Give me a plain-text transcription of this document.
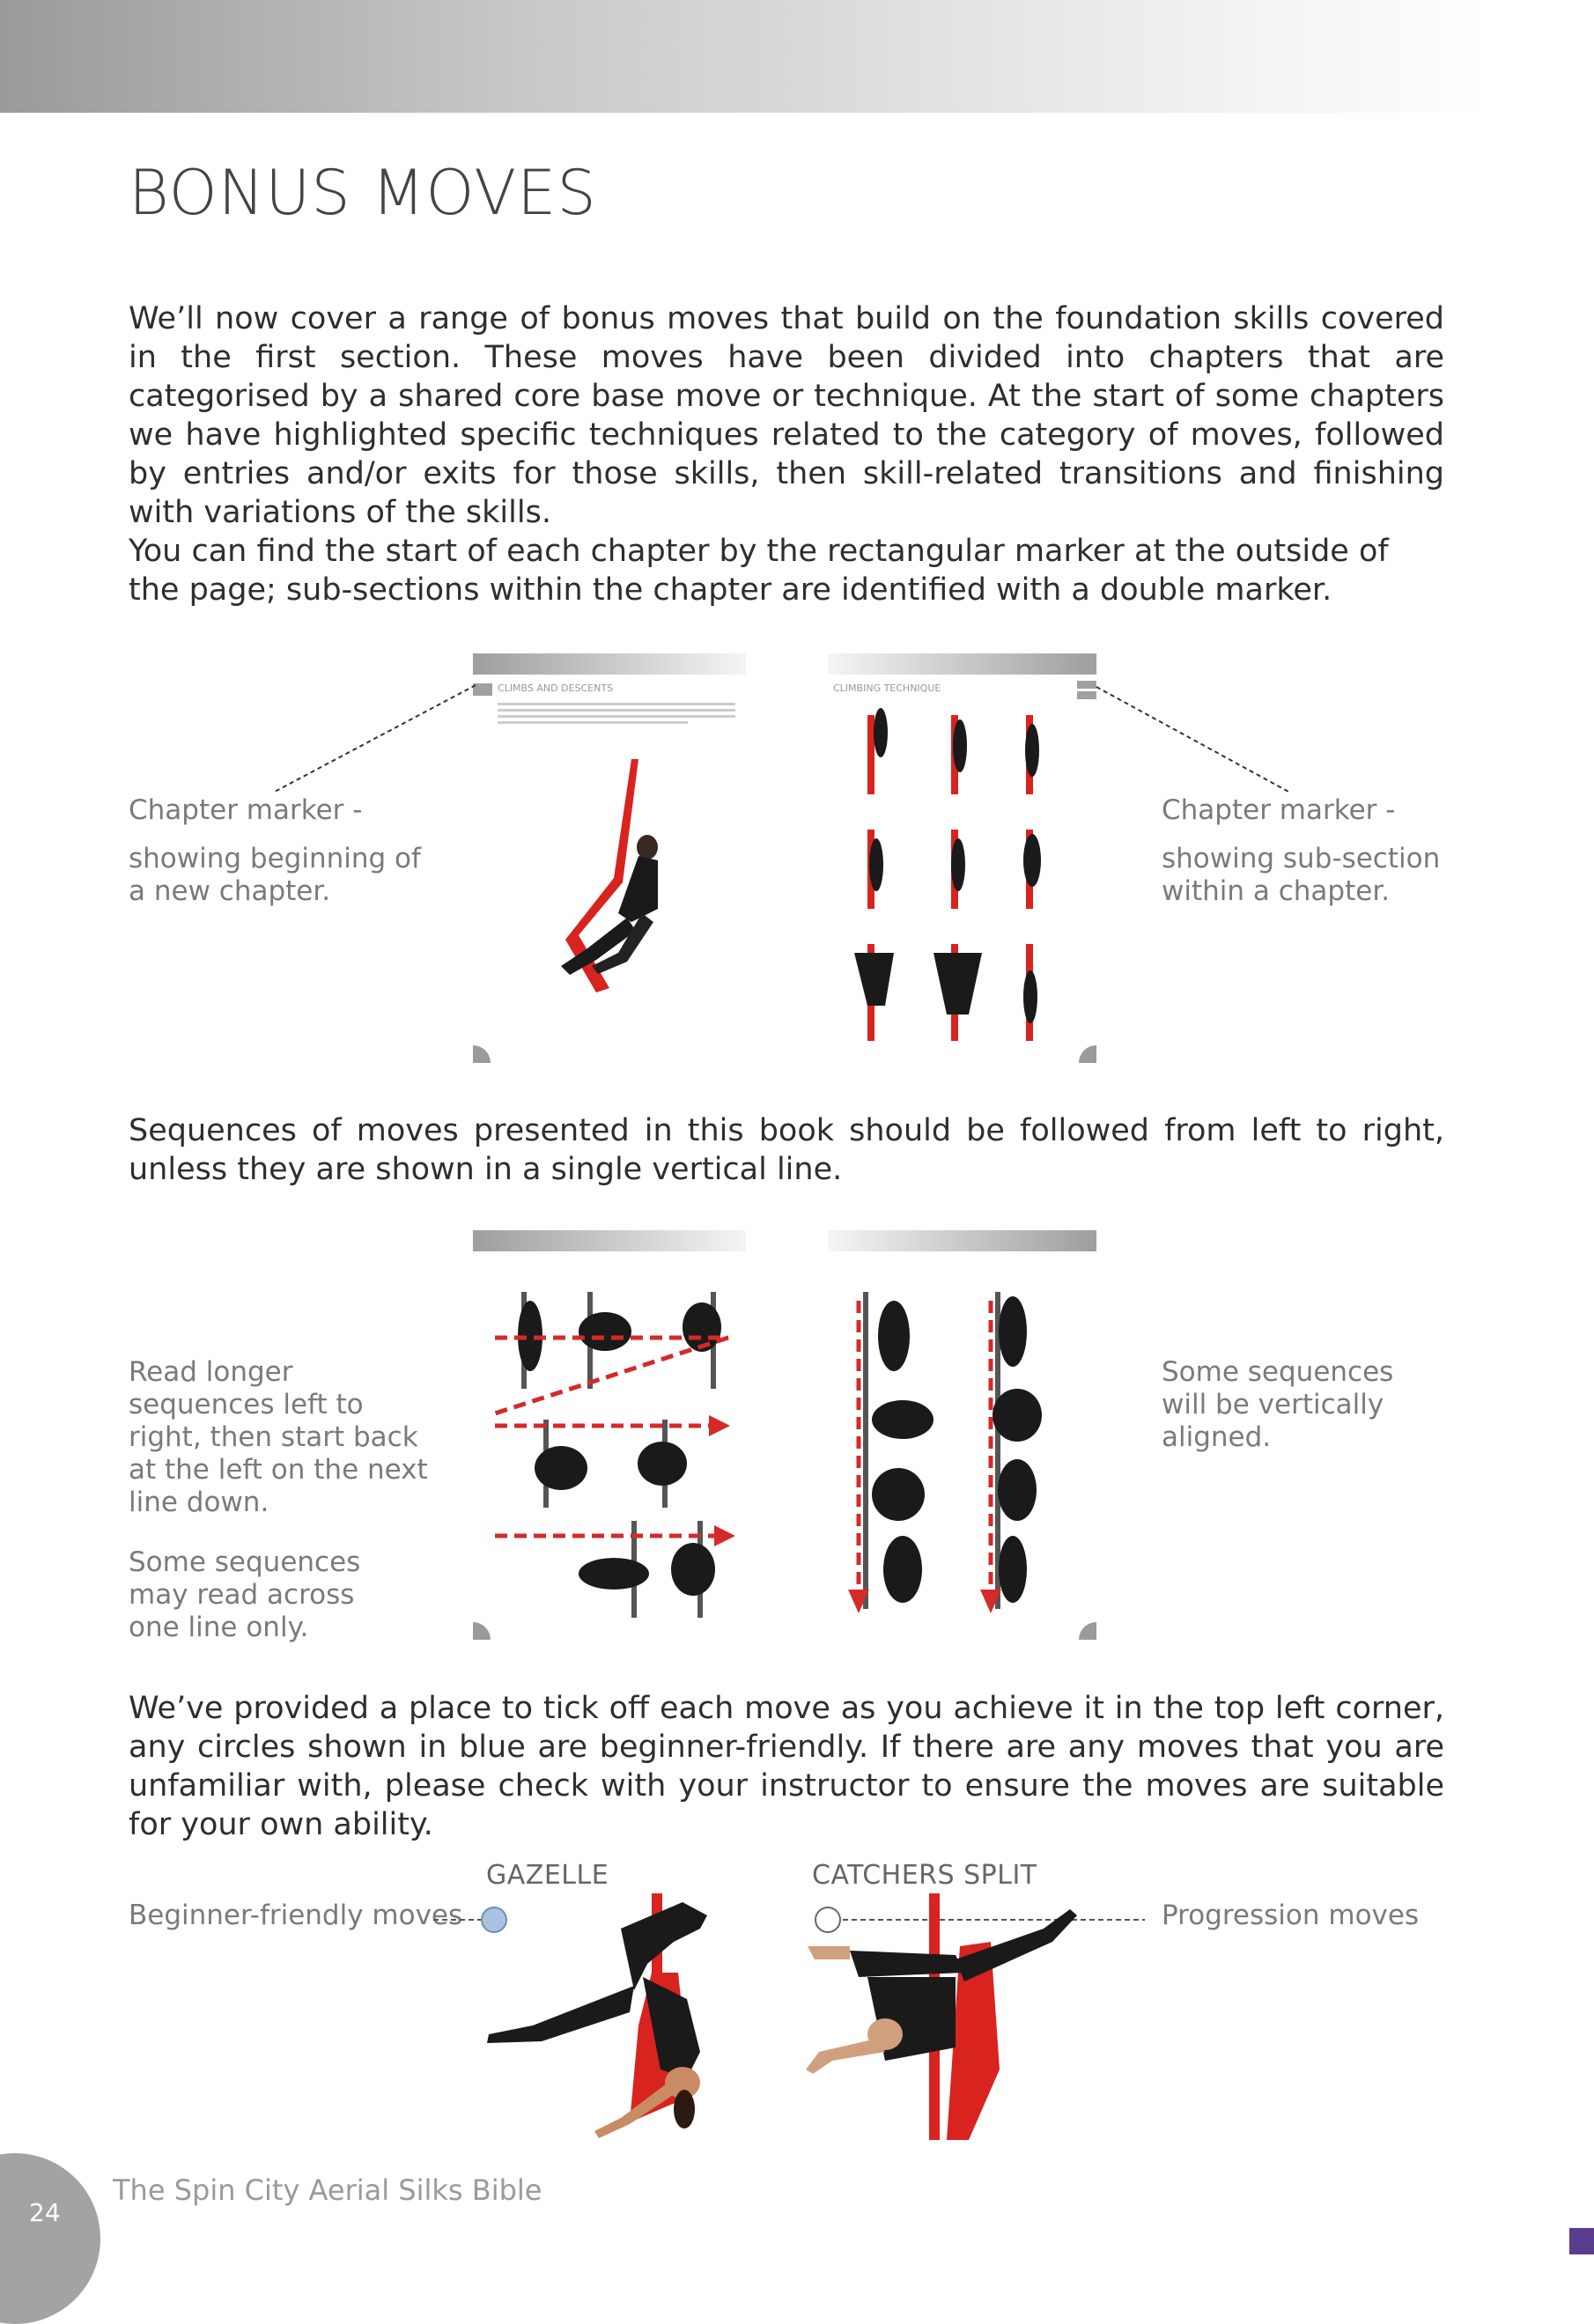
BONUS MOVES

We’ll now cover a range of bonus moves that build on the foundation skills covered in the first section. These moves have been divided into chapters that are categorised by a shared core base move or technique. At the start of some chapters we have highlighted specific techniques related to the category of moves, followed by entries and/or exits for those skills, then skill-related transitions and finishing with variations of the skills.

You can find the start of each chapter by the rectangular marker at the outside of the page; sub-sections within the chapter are identified with a double marker.

CLIMBS AND DESCENTS	CLIMBING TECHNIQUE

Chapter marker -

showing beginning of a new chapter.

Chapter marker -

showing sub-section within a chapter.

Sequences of moves presented in this book should be followed from left to right, unless they are shown in a single vertical line.

Read longer sequences left to right, then start back at the left on the next line down.

Some sequences may read across one line only.

Some sequences will be vertically aligned.

We’ve provided a place to tick off each move as you achieve it in the top left corner, any circles shown in blue are beginner-friendly. If there are any moves that you are unfamiliar with, please check with your instructor to ensure the moves are suitable for your own ability.

GAZELLE	CATCHERS SPLIT

Beginner-friendly moves	Progression moves

24
The Spin City Aerial Silks Bible
